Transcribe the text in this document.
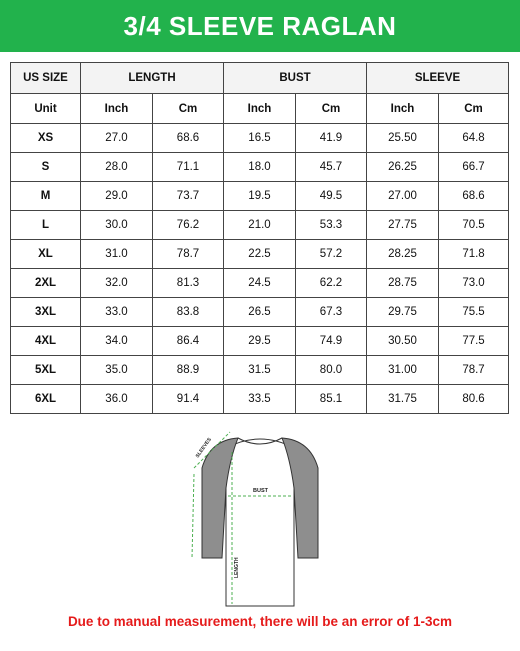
3/4 SLEEVE RAGLAN
US SIZE	LENGTH		BUST		SLEEVE	
Unit	Inch	Cm	Inch	Cm	Inch	Cm
XS	27.0	68.6	16.5	41.9	25.50	64.8
S	28.0	71.1	18.0	45.7	26.25	66.7
M	29.0	73.7	19.5	49.5	27.00	68.6
L	30.0	76.2	21.0	53.3	27.75	70.5
XL	31.0	78.7	22.5	57.2	28.25	71.8
2XL	32.0	81.3	24.5	62.2	28.75	73.0
3XL	33.0	83.8	26.5	67.3	29.75	75.5
4XL	34.0	86.4	29.5	74.9	30.50	77.5
5XL	35.0	88.9	31.5	80.0	31.00	78.7
6XL	36.0	91.4	33.5	85.1	31.75	80.6
SLEEVES
BUST
LENGTH
Due to manual measurement, there will be an error of 1-3cm
